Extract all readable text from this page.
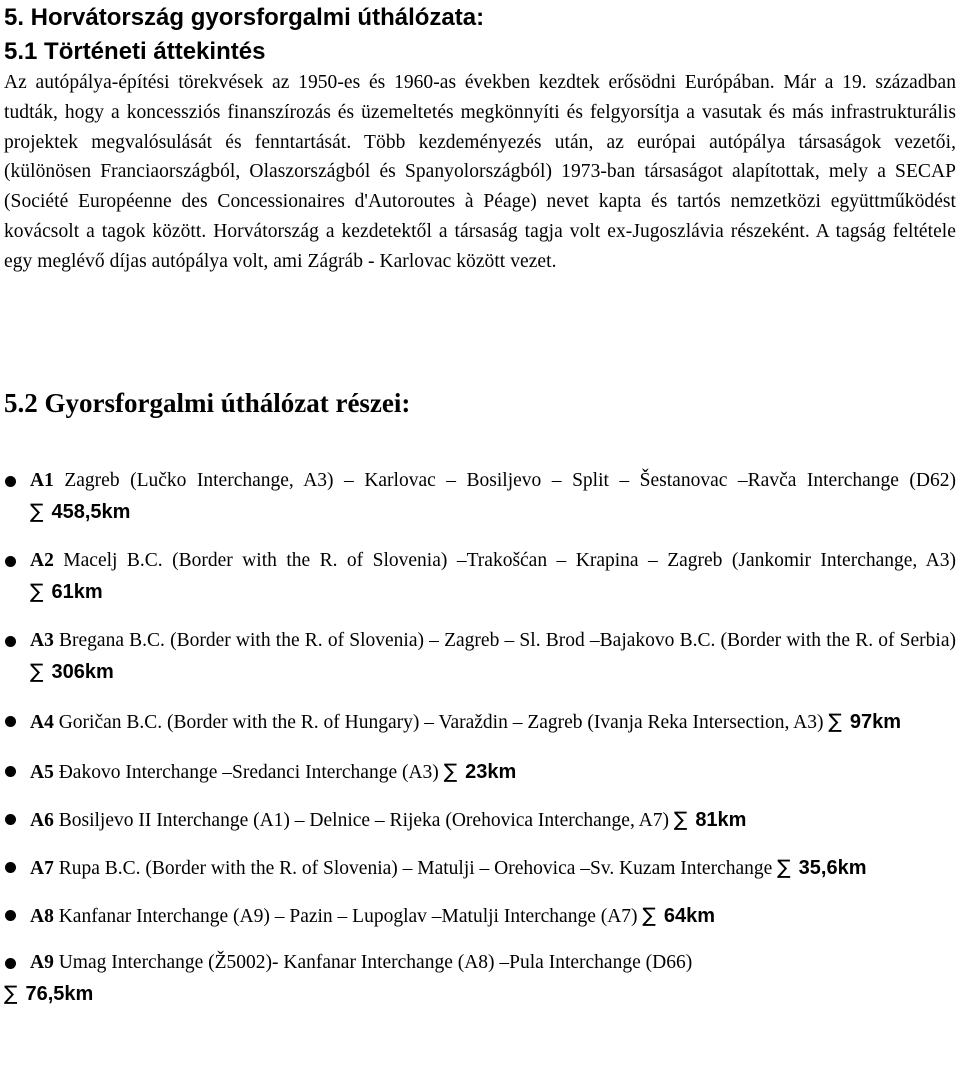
5. Horvátország gyorsforgalmi úthálózata:
5.1 Történeti áttekintés

Az autópálya-építési törekvések az 1950-es és 1960-as években kezdtek erősödni Európában. Már a 19. században tudták, hogy a koncessziós finanszírozás és üzemeltetés megkönnyíti és felgyorsítja a vasutak és más infrastrukturális projektek megvalósulását és fenntartását. Több kezdeményezés után, az európai autópálya társaságok vezetői, (különösen Franciaországból, Olaszországból és Spanyolországból) 1973-ban társaságot alapítottak, mely a SECAP (Société Européenne des Concessionaires d'Autoroutes à Péage) nevet kapta és tartós nemzetközi együttműködést kovácsolt a tagok között. Horvátország a kezdetektől a társaság tagja volt ex-Jugoszlávia részeként. A tagság feltétele egy meglévő díjas autópálya volt, ami Zágráb - Karlovac között vezet.

5.2 Gyorsforgalmi úthálózat részei:
A1 Zagreb (Lučko Interchange, A3) – Karlovac – Bosiljevo – Split – Šestanovac –Ravča Interchange (D62) ∑ 458,5km
A2 Macelj B.C. (Border with the R. of Slovenia) –Trakošćan – Krapina – Zagreb (Jankomir Interchange, A3) ∑ 61km
A3 Bregana B.C. (Border with the R. of Slovenia) – Zagreb – Sl. Brod –Bajakovo B.C. (Border with the R. of Serbia) ∑ 306km
A4 Goričan B.C. (Border with the R. of Hungary) – Varaždin – Zagreb (Ivanja Reka Intersection, A3) ∑ 97km
A5 Đakovo Interchange –Sredanci Interchange (A3) ∑ 23km
A6 Bosiljevo II Interchange (A1) – Delnice – Rijeka (Orehovica Interchange, A7) ∑ 81km
A7 Rupa B.C. (Border with the R. of Slovenia) – Matulji – Orehovica –Sv. Kuzam Interchange ∑ 35,6km
A8 Kanfanar Interchange (A9) – Pazin – Lupoglav –Matulji Interchange (A7) ∑ 64km
A9 Umag Interchange (Ž5002)- Kanfanar Interchange (A8) –Pula Interchange (D66)
∑ 76,5km
